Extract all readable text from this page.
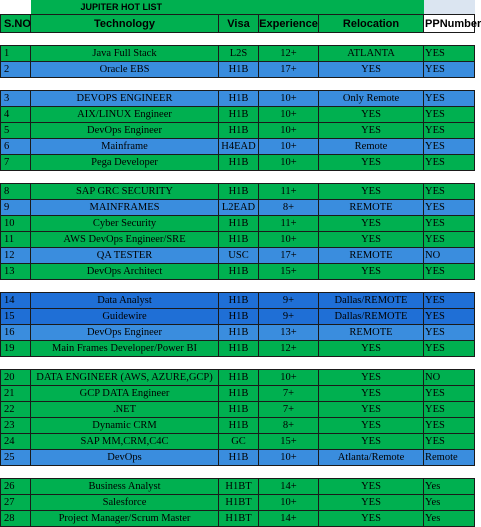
	JUPITER HOT LIST				
S.NO	Technology	Visa	Experience	Relocation	PPNumber

1	Java Full Stack	L2S	12+	ATLANTA	YES
2	Oracle EBS	H1B	17+	YES	YES

3	DEVOPS ENGINEER	H1B	10+	Only Remote	YES
4	AIX/LINUX Engineer	H1B	10+	YES	YES
5	DevOps Engineer	H1B	10+	YES	YES
6	Mainframe	H4EAD	10+	Remote	YES
7	Pega Developer	H1B	10+	YES	YES

8	SAP GRC SECURITY	H1B	11+	YES	YES
9	MAINFRAMES	L2EAD	8+	REMOTE	YES
10	Cyber Security	H1B	11+	YES	YES
11	AWS DevOps Engineer/SRE	H1B	10+	YES	YES
12	QA TESTER	USC	17+	REMOTE	NO
13	DevOps Architect	H1B	15+	YES	YES

14	Data Analyst	H1B	9+	Dallas/REMOTE	YES
15	Guidewire	H1B	9+	Dallas/REMOTE	YES
16	DevOps Engineer	H1B	13+	REMOTE	YES
19	Main Frames Developer/Power BI	H1B	12+	YES	YES

20	DATA ENGINEER (AWS, AZURE,GCP)	H1B	10+	YES	NO
21	GCP DATA Engineer	H1B	7+	YES	YES
22	.NET	H1B	7+	YES	YES
23	Dynamic CRM	H1B	8+	YES	YES
24	SAP MM,CRM,C4C	GC	15+	YES	YES
25	DevOps	H1B	10+	Atlanta/Remote	Remote

26	Business Analyst	H1BT	14+	YES	Yes
27	Salesforce	H1BT	10+	YES	Yes
28	Project Manager/Scrum Master	H1BT	14+	YES	Yes
